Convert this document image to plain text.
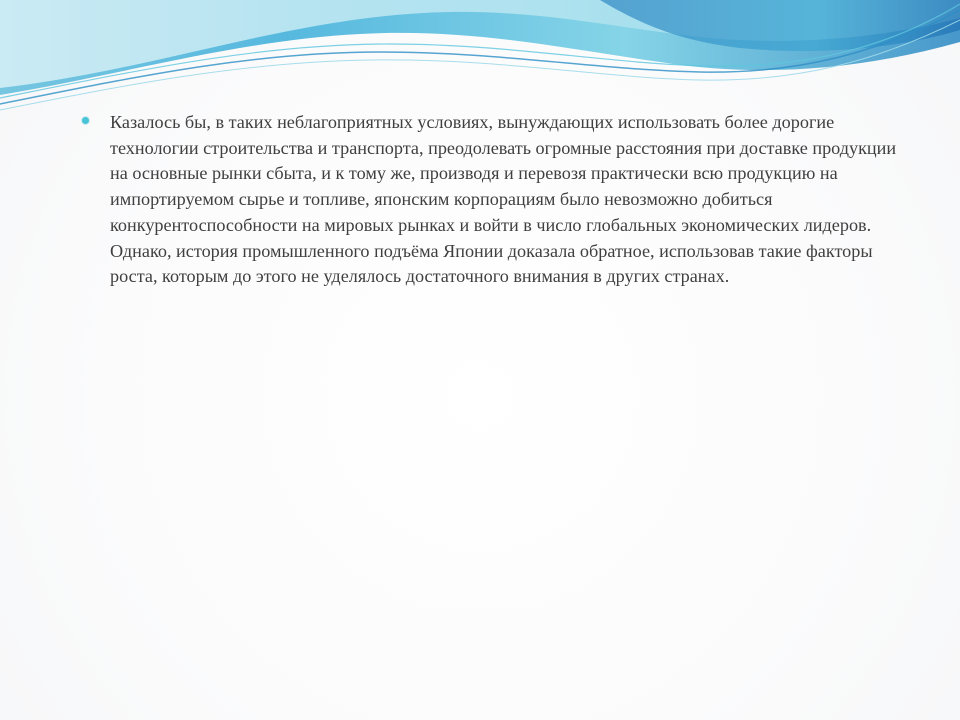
Казалось бы, в таких неблагоприятных условиях, вынуждающих использовать более дорогие технологии строительства и транспорта, преодолевать огромные расстояния при доставке продукции на основные рынки сбыта, и к тому же, производя и перевозя практически всю продукцию на импортируемом сырье и топливе, японским корпорациям было невозможно добиться конкурентоспособности на мировых рынках и войти в число глобальных экономических лидеров. Однако, история промышленного подъёма Японии доказала обратное, использовав такие факторы роста, которым до этого не уделялось достаточного внимания в других странах.
